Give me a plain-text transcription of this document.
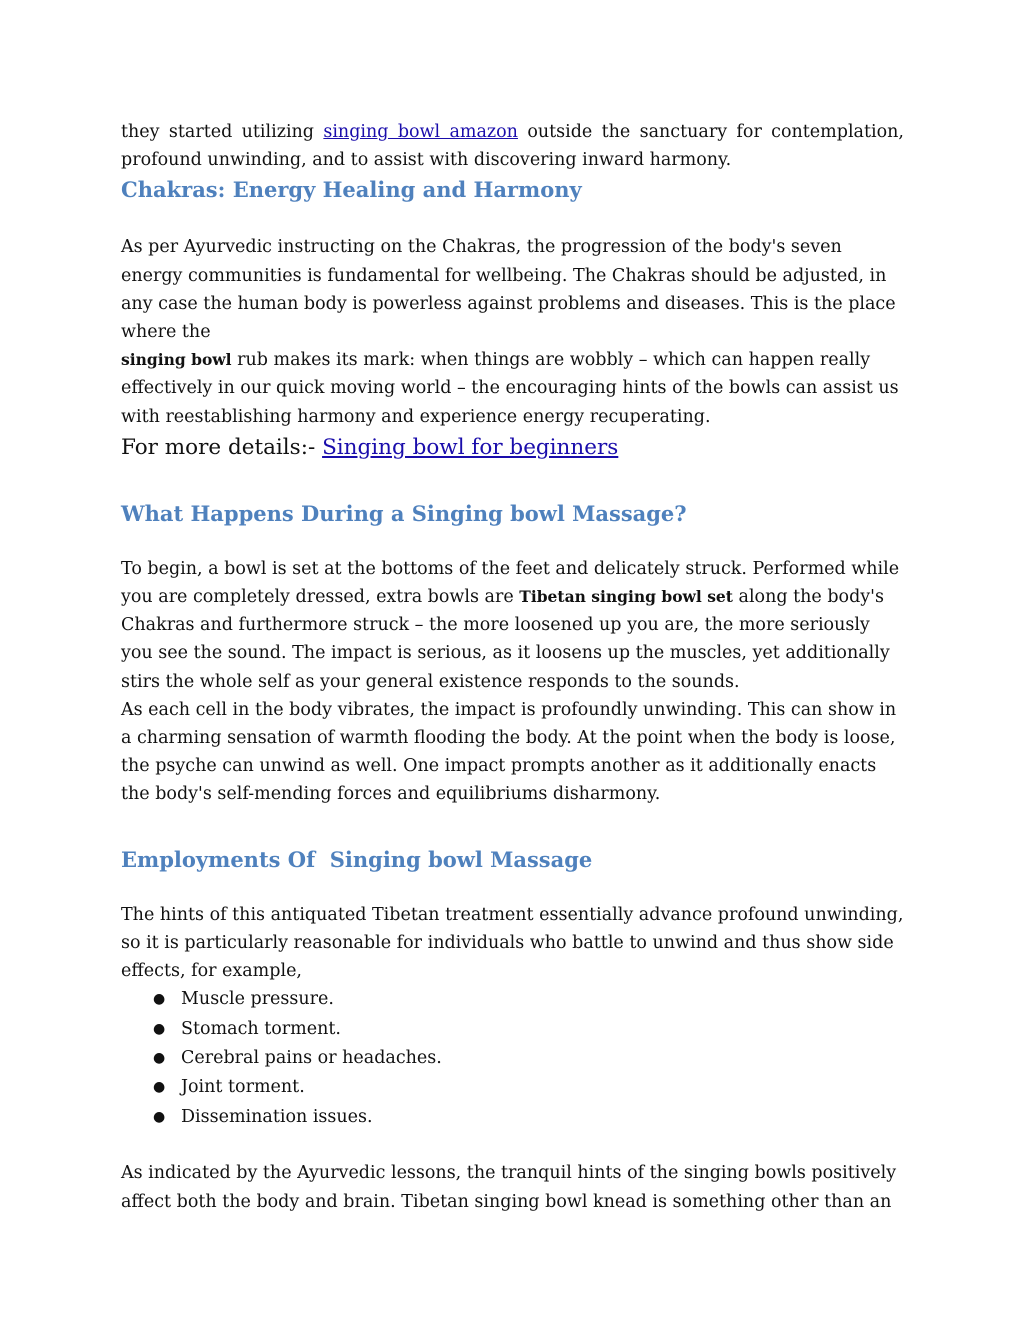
they started utilizing singing bowl amazon outside the sanctuary for contemplation,

profound unwinding, and to assist with discovering inward harmony.

Chakras: Energy Healing and Harmony

As per Ayurvedic instructing on the Chakras, the progression of the body's seven energy communities is fundamental for wellbeing. The Chakras should be adjusted, in any case the human body is powerless against problems and diseases. This is the place where the
singing bowl rub makes its mark: when things are wobbly – which can happen really effectively in our quick moving world – the encouraging hints of the bowls can assist us with reestablishing harmony and experience energy recuperating.

For more details:- Singing bowl for beginners

What Happens During a Singing bowl Massage?

To begin, a bowl is set at the bottoms of the feet and delicately struck. Performed while you are completely dressed, extra bowls are Tibetan singing bowl set along the body's Chakras and furthermore struck – the more loosened up you are, the more seriously you see the sound. The impact is serious, as it loosens up the muscles, yet additionally stirs the whole self as your general existence responds to the sounds.

As each cell in the body vibrates, the impact is profoundly unwinding. This can show in a charming sensation of warmth flooding the body. At the point when the body is loose, the psyche can unwind as well. One impact prompts another as it additionally enacts the body's self-mending forces and equilibriums disharmony.

Employments Of  Singing bowl Massage

The hints of this antiquated Tibetan treatment essentially advance profound unwinding, so it is particularly reasonable for individuals who battle to unwind and thus show side effects, for example,

● Muscle pressure.
● Stomach torment.
● Cerebral pains or headaches.
● Joint torment.
● Dissemination issues.

As indicated by the Ayurvedic lessons, the tranquil hints of the singing bowls positively affect both the body and brain. Tibetan singing bowl knead is something other than an
